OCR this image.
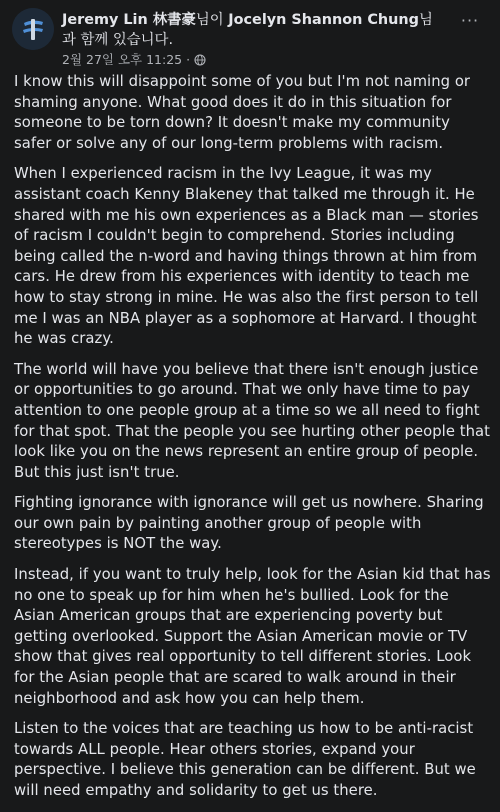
Jeremy Lin 林書豪님이 Jocelyn Shannon Chung님과 함께 있습니다.
2월 27일 오후 11:25 ·
···

I know this will disappoint some of you but I'm not naming or shaming anyone. What good does it do in this situation for someone to be torn down? It doesn't make my community safer or solve any of our long-term problems with racism.

When I experienced racism in the Ivy League, it was my assistant coach Kenny Blakeney that talked me through it. He shared with me his own experiences as a Black man — stories of racism I couldn't begin to comprehend. Stories including being called the n-word and having things thrown at him from cars. He drew from his experiences with identity to teach me how to stay strong in mine. He was also the first person to tell me I was an NBA player as a sophomore at Harvard. I thought he was crazy.

The world will have you believe that there isn't enough justice or opportunities to go around. That we only have time to pay attention to one people group at a time so we all need to fight for that spot. That the people you see hurting other people that look like you on the news represent an entire group of people. But this just isn't true.

Fighting ignorance with ignorance will get us nowhere. Sharing our own pain by painting another group of people with stereotypes is NOT the way.

Instead, if you want to truly help, look for the Asian kid that has no one to speak up for him when he's bullied. Look for the Asian American groups that are experiencing poverty but getting overlooked. Support the Asian American movie or TV show that gives real opportunity to tell different stories. Look for the Asian people that are scared to walk around in their neighborhood and ask how you can help them.

Listen to the voices that are teaching us how to be anti-racist towards ALL people. Hear others stories, expand your perspective. I believe this generation can be different. But we will need empathy and solidarity to get us there.
